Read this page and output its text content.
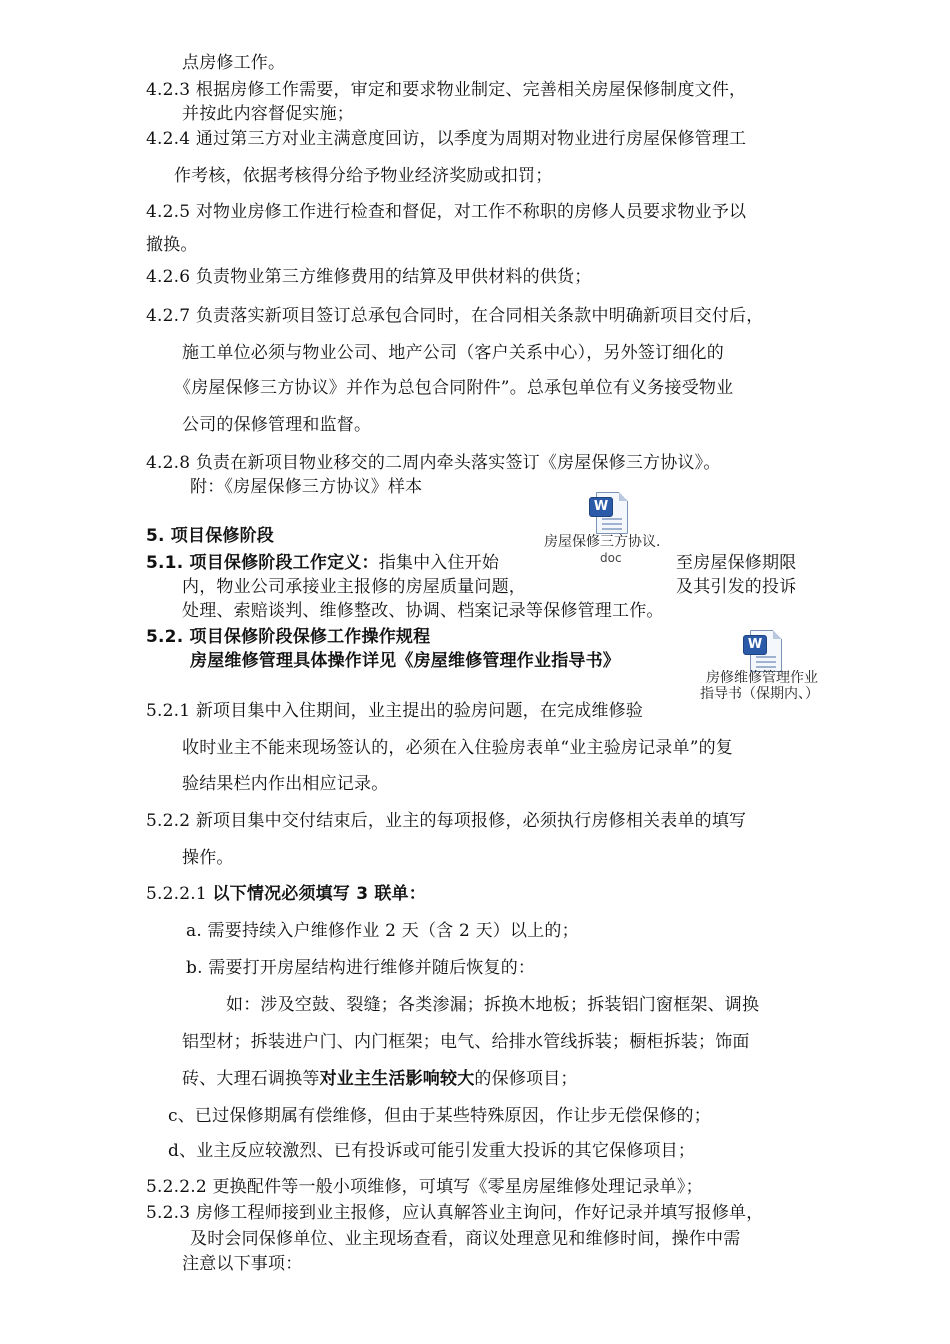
点房修工作。
4.2.3 根据房修工作需要，审定和要求物业制定、完善相关房屋保修制度文件，
并按此内容督促实施；
4.2.4 通过第三方对业主满意度回访，以季度为周期对物业进行房屋保修管理工
作考核，依据考核得分给予物业经济奖励或扣罚；
4.2.5 对物业房修工作进行检查和督促，对工作不称职的房修人员要求物业予以
撤换。
4.2.6 负责物业第三方维修费用的结算及甲供材料的供货；
4.2.7 负责落实新项目签订总承包合同时，在合同相关条款中明确新项目交付后，
施工单位必须与物业公司、地产公司（客户关系中心），另外签订细化的
《房屋保修三方协议》并作为总包合同附件”。总承包单位有义务接受物业
公司的保修管理和监督。
4.2.8 负责在新项目物业移交的二周内牵头落实签订《房屋保修三方协议》。
附：《房屋保修三方协议》样本
5. 项目保修阶段
W
房屋保修三方协议.
doc
5.1. 项目保修阶段工作定义：指集中入住开始	至房屋保修期限
内，物业公司承接业主报修的房屋质量问题，	及其引发的投诉
处理、索赔谈判、维修整改、协调、档案记录等保修管理工作。
5.2. 项目保修阶段保修工作操作规程
房屋维修管理具体操作详见《房屋维修管理作业指导书》
W
房修维修管理作业
指导书（保期内、）
5.2.1 新项目集中入住期间，业主提出的验房问题，在完成维修验
收时业主不能来现场签认的，必须在入住验房表单“业主验房记录单”的复
验结果栏内作出相应记录。
5.2.2 新项目集中交付结束后，业主的每项报修，必须执行房修相关表单的填写
操作。
5.2.2.1 以下情况必须填写 3 联单：
a. 需要持续入户维修作业 2 天（含 2 天）以上的；
b. 需要打开房屋结构进行维修并随后恢复的：
如：涉及空鼓、裂缝；各类渗漏；拆换木地板；拆装铝门窗框架、调换
铝型材；拆装进户门、内门框架；电气、给排水管线拆装；橱柜拆装；饰面
砖、大理石调换等对业主生活影响较大的保修项目；
c、已过保修期属有偿维修，但由于某些特殊原因，作让步无偿保修的；
d、业主反应较激烈、已有投诉或可能引发重大投诉的其它保修项目；
5.2.2.2 更换配件等一般小项维修，可填写《零星房屋维修处理记录单》；
5.2.3 房修工程师接到业主报修，应认真解答业主询问，作好记录并填写报修单，
及时会同保修单位、业主现场查看，商议处理意见和维修时间，操作中需
注意以下事项：
